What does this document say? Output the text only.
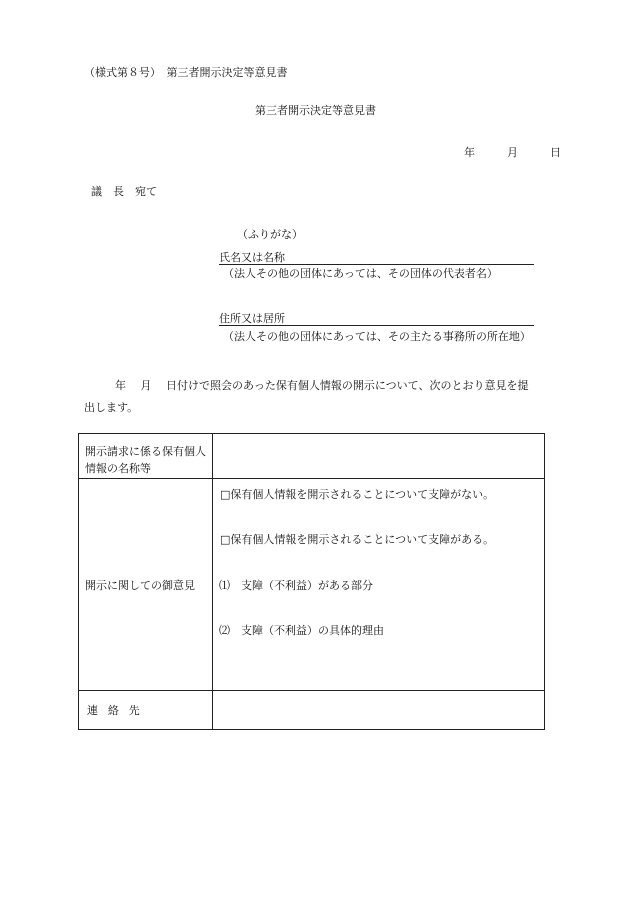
（様式第８号）　第三者開示決定等意見書
第三者開示決定等意見書
年	月	日
議　長　宛て
（ふりがな）
氏名又は名称
（法人その他の団体にあっては、その団体の代表者名）
住所又は居所
（法人その他の団体にあっては、その主たる事務所の所在地）
年　 月　 日付けで照会のあった保有個人情報の開示について、次のとおり意見を提
出します。
開示請求に係る保有個人情報の名称等	

開示に関しての御意見	□保有個人情報を開示されることについて支障がない。
□保有個人情報を開示されることについて支障がある。
⑴　支障（不利益）がある部分
⑵　支障（不利益）の具体的理由

連絡先	
